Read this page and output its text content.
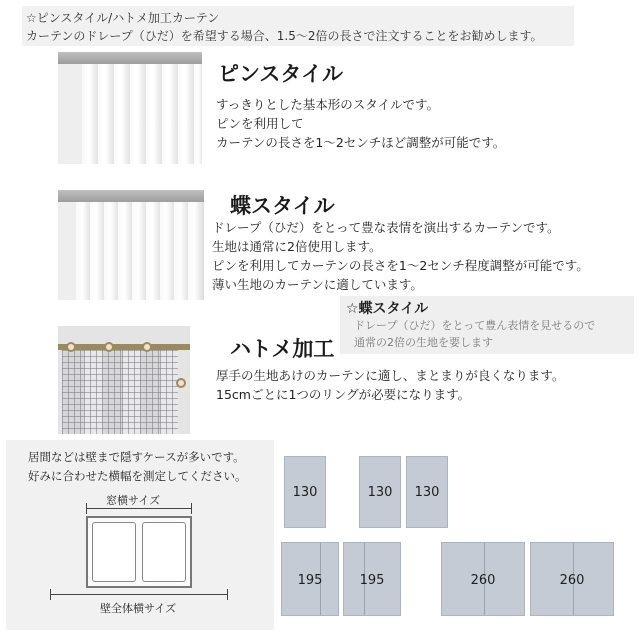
☆ピンスタイル/ハトメ加工カーテン
カーテンのドレープ（ひだ）を希望する場合、1.5〜2倍の長さで注文することをお勧めします。
ピンスタイル
すっきりとした基本形のスタイルです。
ピンを利用して
カーテンの長さを1〜2センチほど調整が可能です。
蝶スタイル
ドレープ（ひだ）をとって豊な表情を演出するカーテンです。
生地は通常に2倍使用します。
ピンを利用してカーテンの長さを1〜2センチ程度調整が可能です。
薄い生地のカーテンに適しています。
☆蝶スタイル
ドレープ（ひだ）をとって豊ん表情を見せるので
通常の2倍の生地を要します
ハトメ加工
厚手の生地あけのカーテンに適し、まとまりが良くなります。
15cmごとに1つのリングが必要になります。
居間などは壁まで隠すケースが多いです。
好みに合わせた横幅を測定してください。
窓横サイズ
壁全体横サイズ
130	130	130
195	195	260	260
